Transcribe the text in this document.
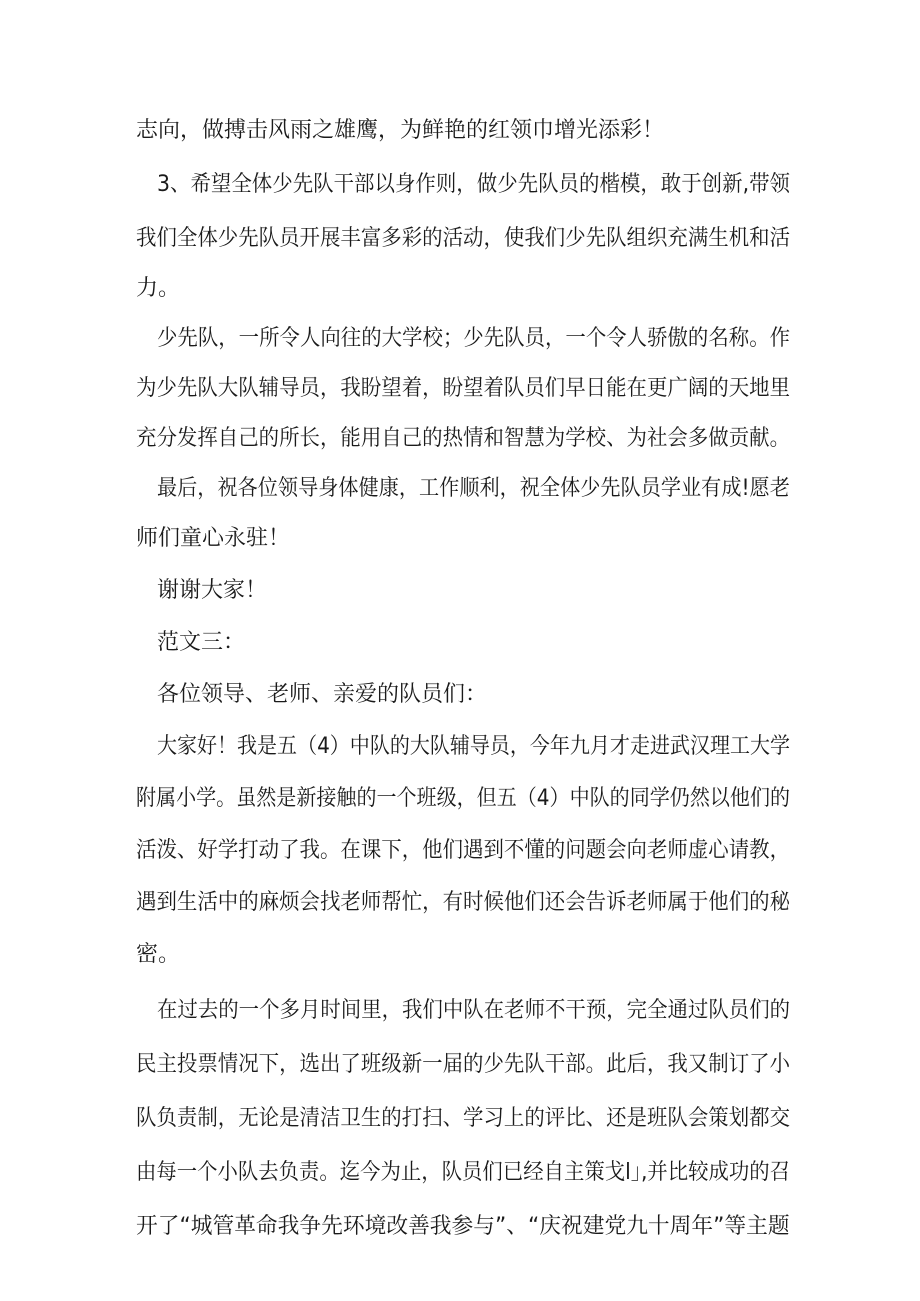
志向，做搏击风雨之雄鹰，为鲜艳的红领巾增光添彩！
3、希望全体少先队干部以身作则，做少先队员的楷模，敢于创新,带领
我们全体少先队员开展丰富多彩的活动，使我们少先队组织充满生机和活
力。
少先队，一所令人向往的大学校；少先队员，一个令人骄傲的名称。作
为少先队大队辅导员，我盼望着，盼望着队员们早日能在更广阔的天地里
充分发挥自己的所长，能用自己的热情和智慧为学校、为社会多做贡献。
最后，祝各位领导身体健康，工作顺利，祝全体少先队员学业有成!愿老
师们童心永驻！
谢谢大家！
范文三：
各位领导、老师、亲爱的队员们：
大家好！我是五（4）中队的大队辅导员，今年九月才走进武汉理工大学
附属小学。虽然是新接触的一个班级，但五（4）中队的同学仍然以他们的
活泼、好学打动了我。在课下，他们遇到不懂的问题会向老师虚心请教，
遇到生活中的麻烦会找老师帮忙，有时候他们还会告诉老师属于他们的秘
密。
在过去的一个多月时间里，我们中队在老师不干预，完全通过队员们的
民主投票情况下，选出了班级新一届的少先队干部。此后，我又制订了小
队负责制，无论是清洁卫生的打扫、学习上的评比、还是班队会策划都交
由每一个小队去负责。迄今为止，队员们已经自主策戈l｣,并比较成功的召
开了“城管革命我争先环境改善我参与”、“庆祝建党九十周年”等主题
